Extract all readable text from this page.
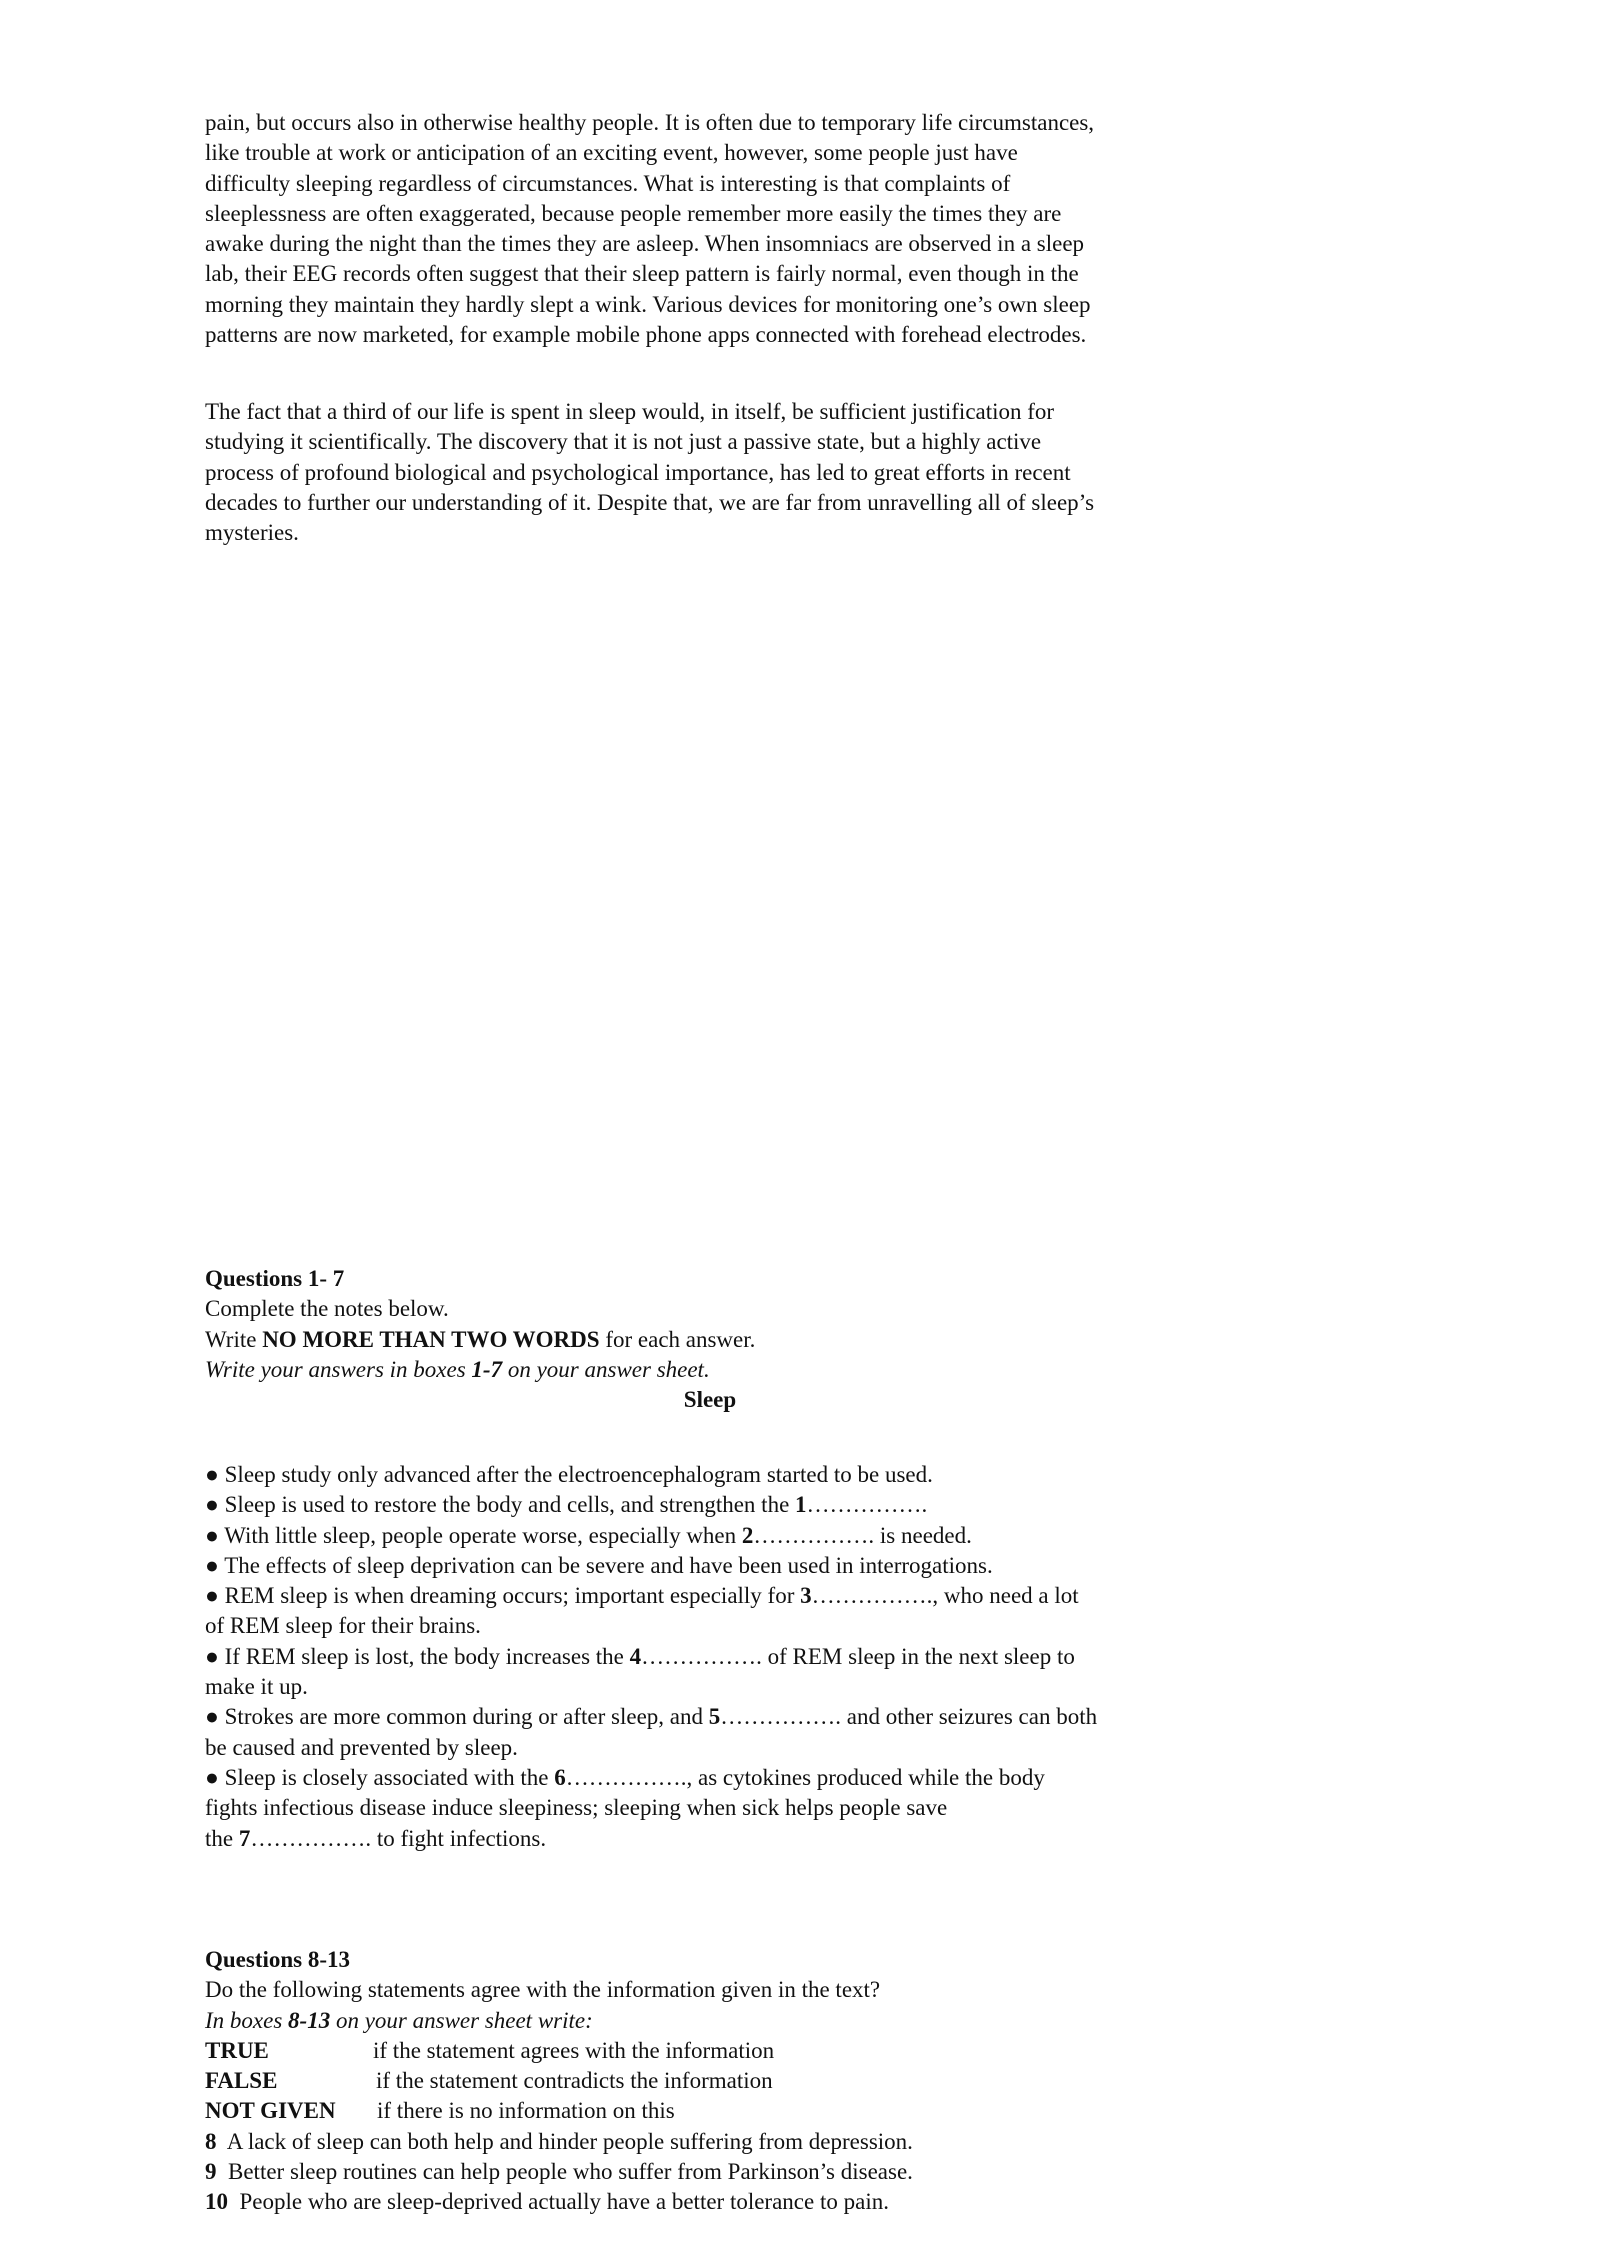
pain, but occurs also in otherwise healthy people. It is often due to temporary life circumstances,
like trouble at work or anticipation of an exciting event, however, some people just have
difficulty sleeping regardless of circumstances. What is interesting is that complaints of
sleeplessness are often exaggerated, because people remember more easily the times they are
awake during the night than the times they are asleep. When insomniacs are observed in a sleep
lab, their EEG records often suggest that their sleep pattern is fairly normal, even though in the
morning they maintain they hardly slept a wink. Various devices for monitoring one’s own sleep
patterns are now marketed, for example mobile phone apps connected with forehead electrodes.
The fact that a third of our life is spent in sleep would, in itself, be sufficient justification for
studying it scientifically. The discovery that it is not just a passive state, but a highly active
process of profound biological and psychological importance, has led to great efforts in recent
decades to further our understanding of it. Despite that, we are far from unravelling all of sleep’s
mysteries.
Questions 1- 7
Complete the notes below.
Write NO MORE THAN TWO WORDS for each answer.
Write your answers in boxes 1-7 on your answer sheet.
Sleep
● Sleep study only advanced after the electroencephalogram started to be used.
● Sleep is used to restore the body and cells, and strengthen the 1…………….
● With little sleep, people operate worse, especially when 2……………. is needed.
● The effects of sleep deprivation can be severe and have been used in interrogations.
● REM sleep is when dreaming occurs; important especially for 3……………., who need a lot
of REM sleep for their brains.
● If REM sleep is lost, the body increases the 4……………. of REM sleep in the next sleep to
make it up.
● Strokes are more common during or after sleep, and 5……………. and other seizures can both
be caused and prevented by sleep.
● Sleep is closely associated with the 6……………., as cytokines produced while the body
fights infectious disease induce sleepiness; sleeping when sick helps people save
the 7……………. to fight infections.
Questions 8-13
Do the following statements agree with the information given in the text?
In boxes 8-13 on your answer sheet write:
TRUE	if the statement agrees with the information
FALSE	if the statement contradicts the information
NOT GIVEN if there is no information on this
8  A lack of sleep can both help and hinder people suffering from depression.
9  Better sleep routines can help people who suffer from Parkinson’s disease.
10  People who are sleep-deprived actually have a better tolerance to pain.
